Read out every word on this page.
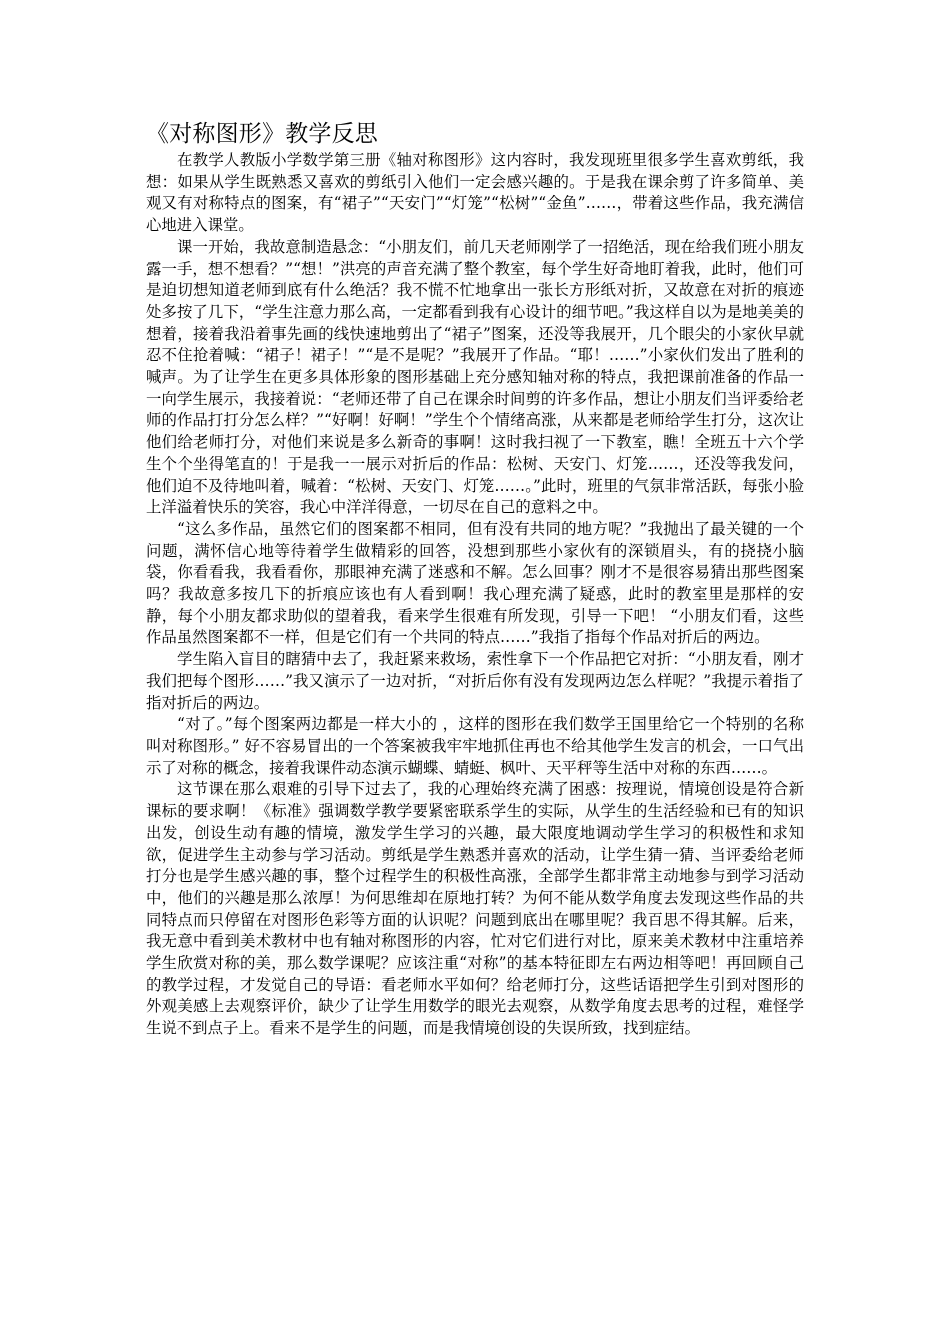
《对称图形》教学反思

在教学人教版小学数学第三册《轴对称图形》这内容时，我发现班里很多学生喜欢剪纸，我想：如果从学生既熟悉又喜欢的剪纸引入他们一定会感兴趣的。于是我在课余剪了许多简单、美观又有对称特点的图案，有“裙子”“天安门”“灯笼”“松树”“金鱼”……，带着这些作品，我充满信心地进入课堂。

课一开始，我故意制造悬念：“小朋友们，前几天老师刚学了一招绝活，现在给我们班小朋友露一手，想不想看？”“想！”洪亮的声音充满了整个教室，每个学生好奇地盯着我，此时，他们可是迫切想知道老师到底有什么绝活？我不慌不忙地拿出一张长方形纸对折，又故意在对折的痕迹处多按了几下，“学生注意力那么高，一定都看到我有心设计的细节吧。”我这样自以为是地美美的想着，接着我沿着事先画的线快速地剪出了“裙子”图案，还没等我展开，几个眼尖的小家伙早就忍不住抢着喊：“裙子！裙子！”“是不是呢？”我展开了作品。“耶！……”小家伙们发出了胜利的喊声。为了让学生在更多具体形象的图形基础上充分感知轴对称的特点，我把课前准备的作品一一向学生展示，我接着说：“老师还带了自己在课余时间剪的许多作品，想让小朋友们当评委给老师的作品打打分怎么样？”“好啊！好啊！”学生个个情绪高涨，从来都是老师给学生打分，这次让他们给老师打分，对他们来说是多么新奇的事啊！这时我扫视了一下教室，瞧！全班五十六个学生个个坐得笔直的！于是我一一展示对折后的作品：松树、天安门、灯笼……，还没等我发问，他们迫不及待地叫着，喊着：“松树、天安门、灯笼……。”此时，班里的气氛非常活跃，每张小脸上洋溢着快乐的笑容，我心中洋洋得意，一切尽在自己的意料之中。

“这么多作品，虽然它们的图案都不相同，但有没有共同的地方呢？”我抛出了最关键的一个问题，满怀信心地等待着学生做精彩的回答，没想到那些小家伙有的深锁眉头，有的挠挠小脑袋，你看看我，我看看你，那眼神充满了迷惑和不解。怎么回事？刚才不是很容易猜出那些图案吗？我故意多按几下的折痕应该也有人看到啊！我心理充满了疑惑，此时的教室里是那样的安静，每个小朋友都求助似的望着我，看来学生很难有所发现，引导一下吧！ “小朋友们看，这些作品虽然图案都不一样，但是它们有一个共同的特点……”我指了指每个作品对折后的两边。

学生陷入盲目的瞎猜中去了，我赶紧来救场，索性拿下一个作品把它对折：“小朋友看，刚才我们把每个图形……”我又演示了一边对折，“对折后你有没有发现两边怎么样呢？”我提示着指了指对折后的两边。

“对了。”每个图案两边都是一样大小的 ，这样的图形在我们数学王国里给它一个特别的名称叫对称图形。” 好不容易冒出的一个答案被我牢牢地抓住再也不给其他学生发言的机会，一口气出示了对称的概念，接着我课件动态演示蝴蝶、蜻蜓、枫叶、天平秤等生活中对称的东西……。

这节课在那么艰难的引导下过去了，我的心理始终充满了困惑：按理说，情境创设是符合新课标的要求啊！《标准》强调数学教学要紧密联系学生的实际，从学生的生活经验和已有的知识出发，创设生动有趣的情境，激发学生学习的兴趣，最大限度地调动学生学习的积极性和求知欲，促进学生主动参与学习活动。剪纸是学生熟悉并喜欢的活动，让学生猜一猜、当评委给老师打分也是学生感兴趣的事，整个过程学生的积极性高涨，全部学生都非常主动地参与到学习活动中，他们的兴趣是那么浓厚！为何思维却在原地打转？为何不能从数学角度去发现这些作品的共同特点而只停留在对图形色彩等方面的认识呢？问题到底出在哪里呢？我百思不得其解。后来，我无意中看到美术教材中也有轴对称图形的内容，忙对它们进行对比，原来美术教材中注重培养学生欣赏对称的美，那么数学课呢？应该注重“对称”的基本特征即左右两边相等吧！再回顾自己的教学过程，才发觉自己的导语：看老师水平如何？给老师打分，这些话语把学生引到对图形的外观美感上去观察评价，缺少了让学生用数学的眼光去观察，从数学角度去思考的过程，难怪学生说不到点子上。看来不是学生的问题，而是我情境创设的失误所致，找到症结。
